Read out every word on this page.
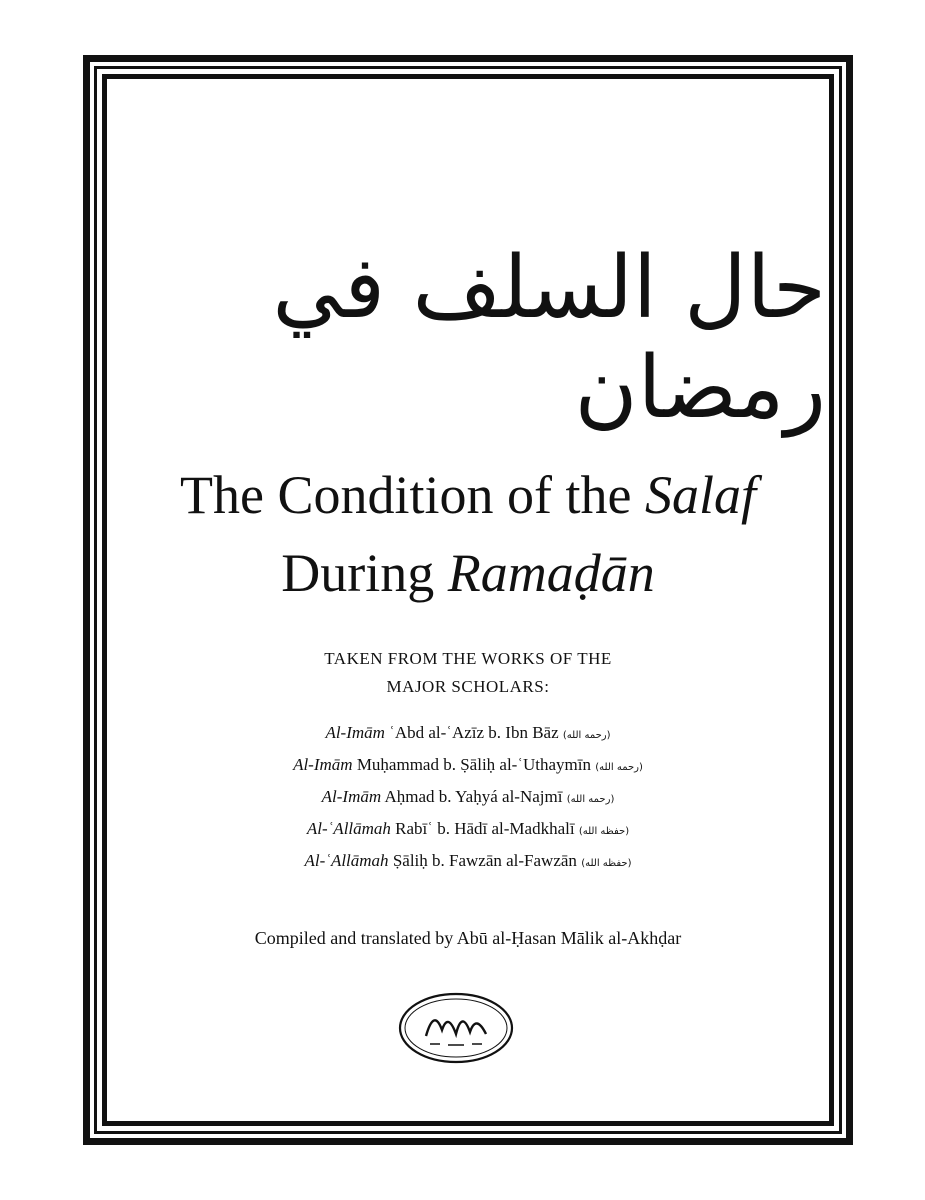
حال السلف في رمضان
The Condition of the Salaf
During Ramaḍān
TAKEN FROM THE WORKS OF THE
MAJOR SCHOLARS:
Al-Imām ʿAbd al-ʿAzīz b. Ibn Bāz (رحمه الله)
Al-Imām Muḥammad b. Ṣāliḥ al-ʿUthaymīn (رحمه الله)
Al-Imām Aḥmad b. Yaḥyá al-Najmī (رحمه الله)
Al-ʿAllāmah Rabīʿ b. Hādī al-Madkhalī (حفظه الله)
Al-ʿAllāmah Ṣāliḥ b. Fawzān al-Fawzān (حفظه الله)
Compiled and translated by Abū al-Ḥasan Mālik al-Akhḍar
